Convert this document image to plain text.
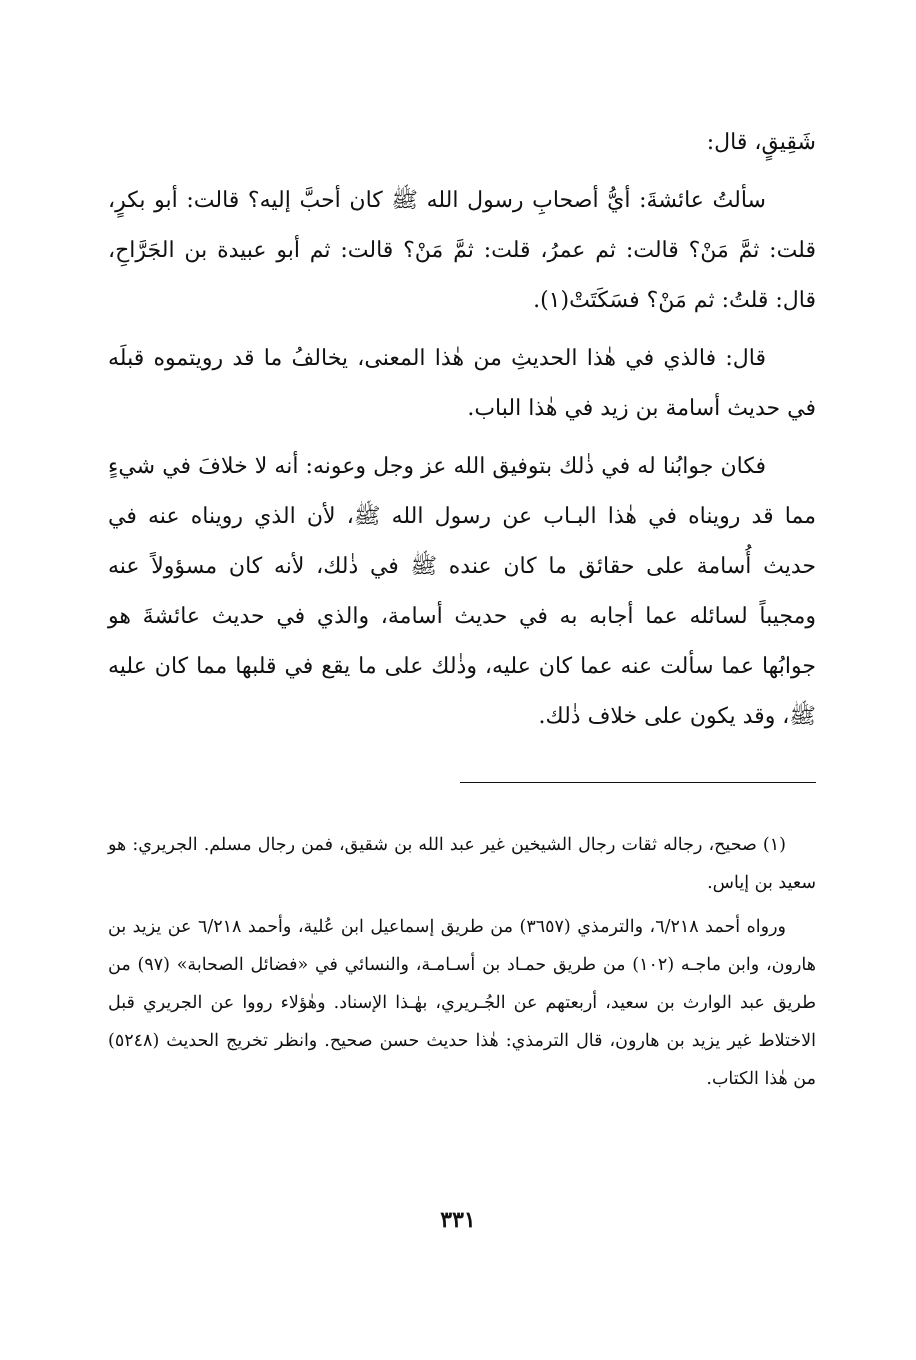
شَقِيقٍ، قال:

سألتُ عائشةَ: أيُّ أصحابِ رسول الله ﷺ كان أحبَّ إليه؟ قالت: أبو بكرٍ، قلت: ثمَّ مَنْ؟ قالت: ثم عمرُ، قلت: ثمَّ مَنْ؟ قالت: ثم أبو عبيدة بن الجَرَّاحِ، قال: قلتُ: ثم مَنْ؟ فسَكَتَتْ(١).

قال: فالذي في هٰذا الحديثِ من هٰذا المعنى، يخالفُ ما قد رويتموه قبلَه في حديث أسامة بن زيد في هٰذا الباب.

فكان جوابُنا له في ذٰلك بتوفيق الله عز وجل وعونه: أنه لا خلافَ في شيءٍ مما قد رويناه في هٰذا البـاب عن رسول الله ﷺ، لأن الذي رويناه عنه في حديث أُسامة على حقائق ما كان عنده ﷺ في ذٰلك، لأنه كان مسؤولاً عنه ومجيباً لسائله عما أجابه به في حديث أسامة، والذي في حديث عائشةَ هو جوابُها عما سألت عنه عما كان عليه، وذٰلك على ما يقع في قلبها مما كان عليه ﷺ، وقد يكون على خلاف ذٰلك.

(١) صحيح، رجاله ثقات رجال الشيخين غير عبد الله بن شقيق، فمن رجال مسلم. الجريري: هو سعيد بن إياس.

ورواه أحمد ٦/٢١٨، والترمذي (٣٦٥٧) من طريق إسماعيل ابن عُلية، وأحمد ٦/٢١٨ عن يزيد بن هارون، وابن ماجـه (١٠٢) من طريق حمـاد بن أسـامـة، والنسائي في «فضائل الصحابة» (٩٧) من طريق عبد الوارث بن سعيد، أربعتهم عن الجُـريري، بهٰـذا الإسناد. وهٰؤلاء رووا عن الجريري قبل الاختلاط غير يزيد بن هارون، قال الترمذي: هٰذا حديث حسن صحيح. وانظر تخريج الحديث (٥٢٤٨) من هٰذا الكتاب.

٣٣١
